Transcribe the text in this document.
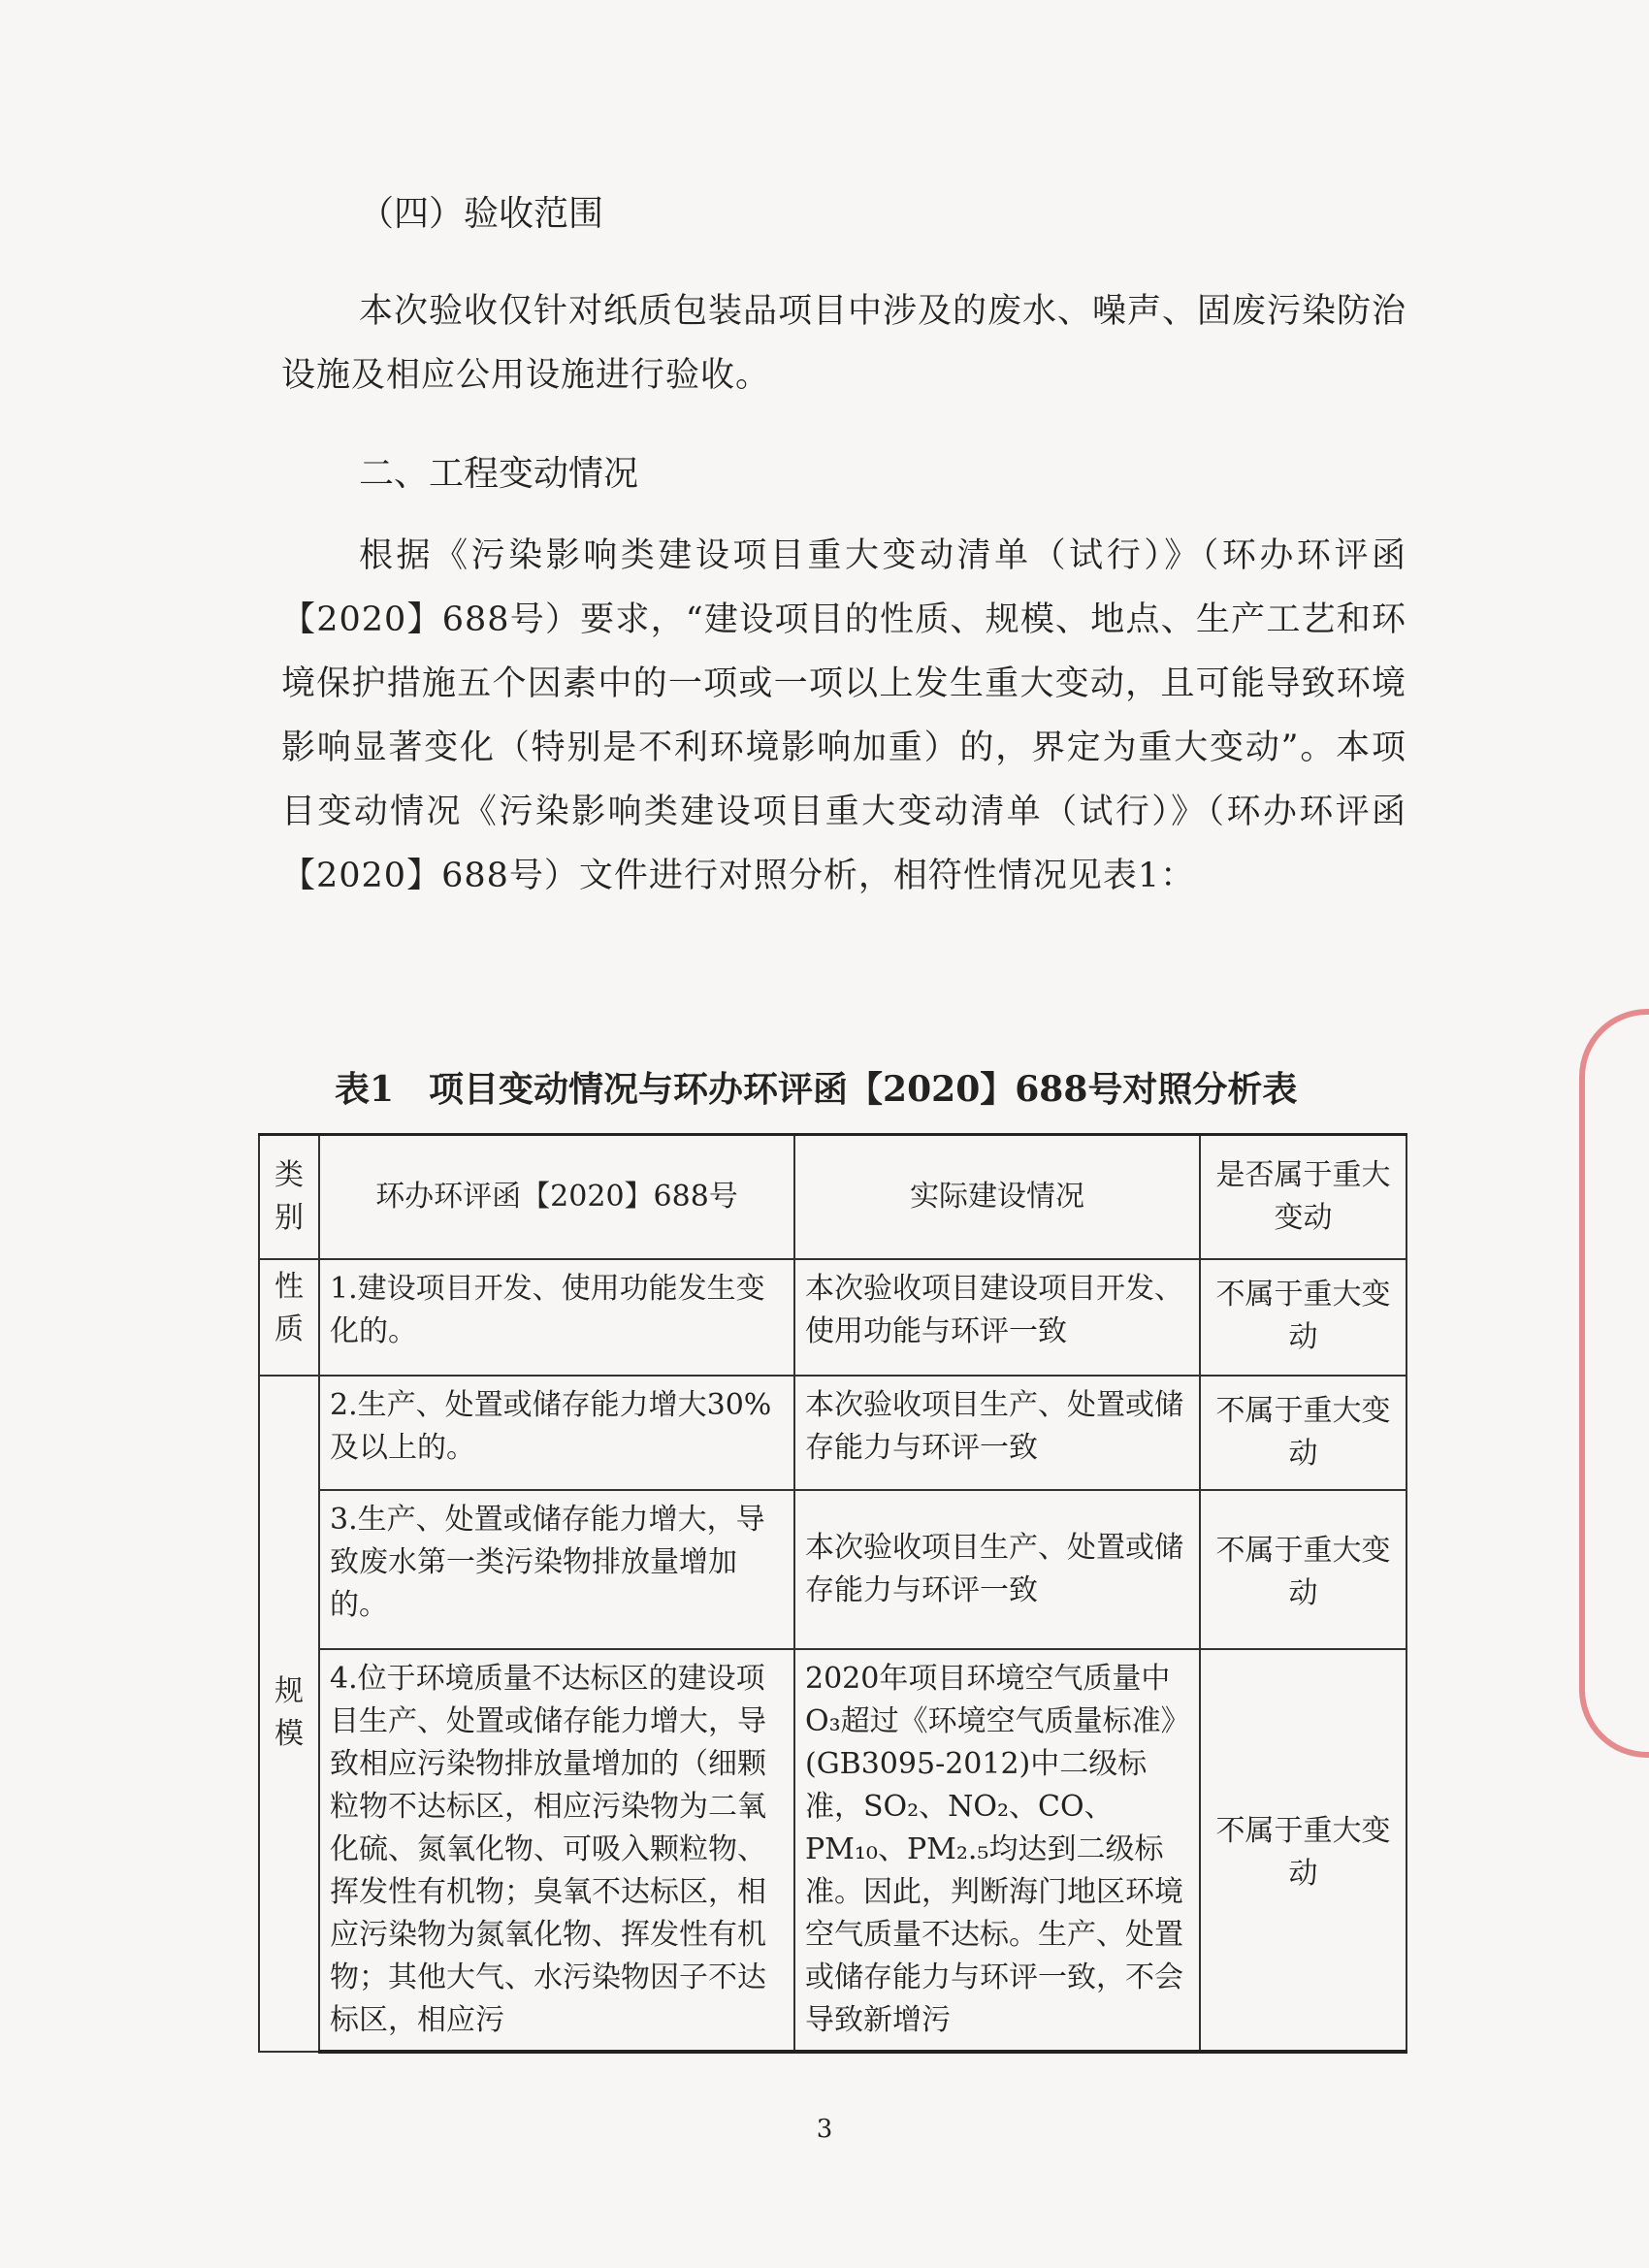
（四）验收范围

本次验收仅针对纸质包装品项目中涉及的废水、噪声、固废污染防治设施及相应公用设施进行验收。

二、工程变动情况

根据《污染影响类建设项目重大变动清单（试行）》（环办环评函【2020】688号）要求，“建设项目的性质、规模、地点、生产工艺和环境保护措施五个因素中的一项或一项以上发生重大变动，且可能导致环境影响显著变化（特别是不利环境影响加重）的，界定为重大变动”。本项目变动情况《污染影响类建设项目重大变动清单（试行）》（环办环评函【2020】688号）文件进行对照分析，相符性情况见表1：

表1　项目变动情况与环办环评函【2020】688号对照分析表

类别	环办环评函【2020】688号	实际建设情况	是否属于重大变动
性质	1.建设项目开发、使用功能发生变化的。	本次验收项目建设项目开发、使用功能与环评一致	不属于重大变动
规模	2.生产、处置或储存能力增大30%及以上的。	本次验收项目生产、处置或储存能力与环评一致	不属于重大变动
	3.生产、处置或储存能力增大，导致废水第一类污染物排放量增加的。	本次验收项目生产、处置或储存能力与环评一致	不属于重大变动
	4.位于环境质量不达标区的建设项目生产、处置或储存能力增大，导致相应污染物排放量增加的（细颗粒物不达标区，相应污染物为二氧化硫、氮氧化物、可吸入颗粒物、挥发性有机物；臭氧不达标区，相应污染物为氮氧化物、挥发性有机物；其他大气、水污染物因子不达标区，相应污	2020年项目环境空气质量中O₃超过《环境空气质量标准》(GB3095-2012)中二级标准，SO₂、NO₂、CO、PM₁₀、PM₂.₅均达到二级标准。因此，判断海门地区环境空气质量不达标。生产、处置或储存能力与环评一致，不会导致新增污	不属于重大变动

3
